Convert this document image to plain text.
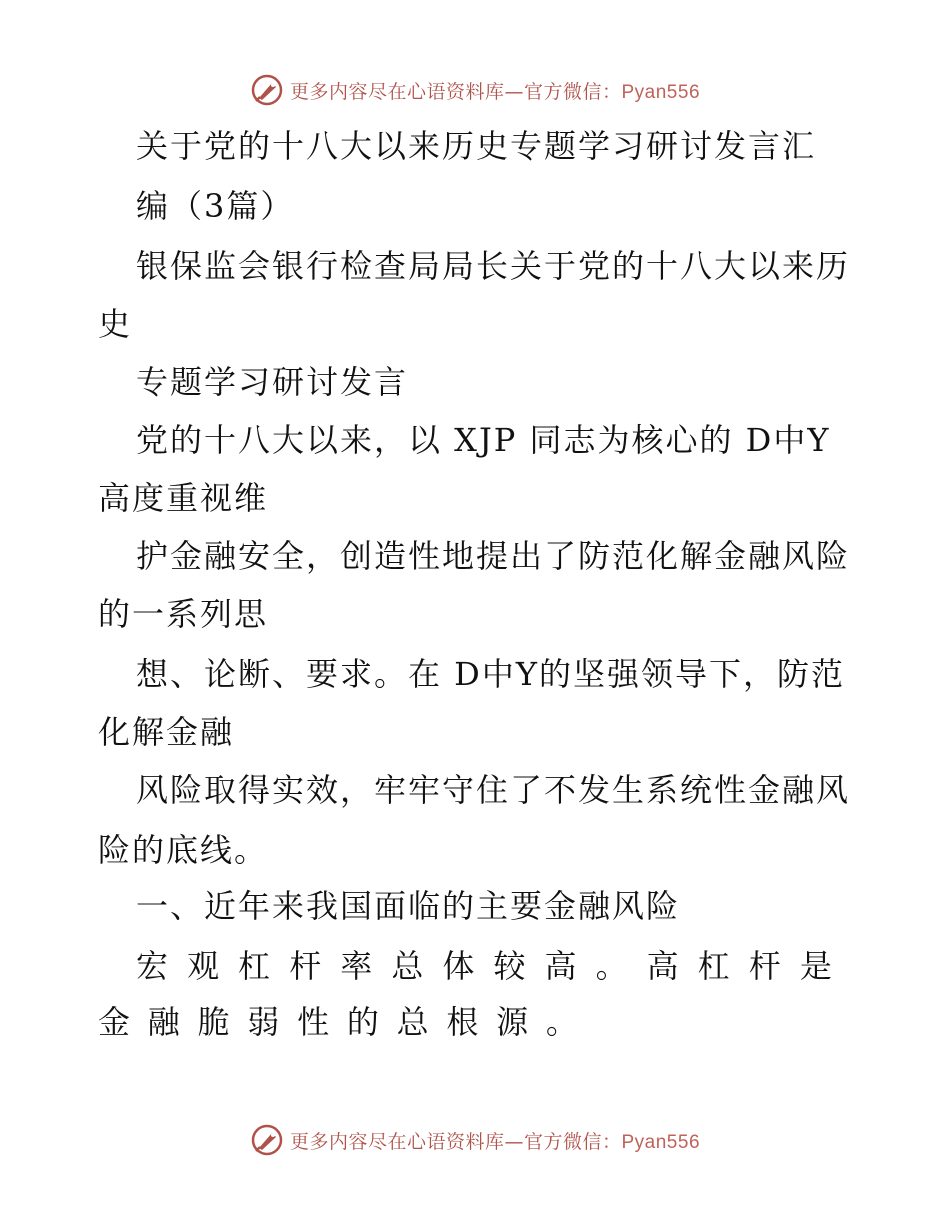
更多内容尽在心语资料库—官方微信：Pyan556
关于党的十八大以来历史专题学习研讨发言汇
编（3篇）
银保监会银行检查局局长关于党的十八大以来历
史
专题学习研讨发言
党的十八大以来，以 XJP 同志为核心的 D中Y
高度重视维
护金融安全，创造性地提出了防范化解金融风险
的一系列思
想、论断、要求。在 D中Y的坚强领导下，防范
化解金融
风险取得实效，牢牢守住了不发生系统性金融风
险的底线。
一、近年来我国面临的主要金融风险
宏 观 杠 杆 率 总 体 较 高 。 高 杠 杆 是
金 融 脆 弱 性 的 总 根 源 。
更多内容尽在心语资料库—官方微信：Pyan556
